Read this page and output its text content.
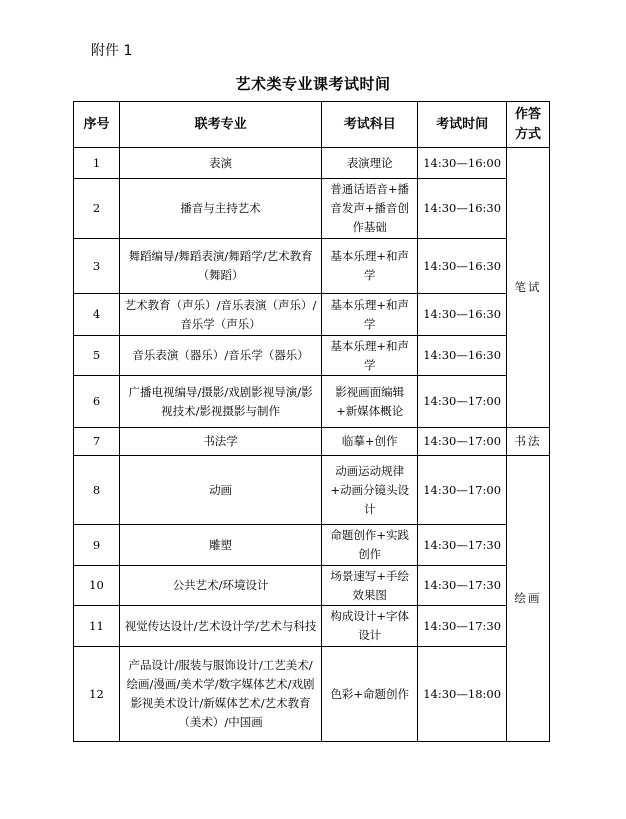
附件 1
艺术类专业课考试时间
序号	联考专业	考试科目	考试时间	作答方式
1	表演	表演理论	14:30—16:00	笔试
2	播音与主持艺术	普通话语音+播音发声+播音创作基础	14:30—16:30	
3	舞蹈编导/舞蹈表演/舞蹈学/艺术教育（舞蹈）	基本乐理+和声学	14:30—16:30	
4	艺术教育（声乐）/音乐表演（声乐）/音乐学（声乐）	基本乐理+和声学	14:30—16:30	
5	音乐表演（器乐）/音乐学（器乐）	基本乐理+和声学	14:30—16:30	
6	广播电视编导/摄影/戏剧影视导演/影视技术/影视摄影与制作	影视画面编辑+新媒体概论	14:30—17:00	
7	书法学	临摹+创作	14:30—17:00	书法
8	动画	动画运动规律+动画分镜头设计	14:30—17:00	绘画
9	雕塑	命题创作+实践创作	14:30—17:30	
10	公共艺术/环境设计	场景速写+手绘效果图	14:30—17:30	
11	视觉传达设计/艺术设计学/艺术与科技	构成设计+字体设计	14:30—17:30	
12	产品设计/服装与服饰设计/工艺美术/绘画/漫画/美术学/数字媒体艺术/戏剧影视美术设计/新媒体艺术/艺术教育（美术）/中国画	色彩+命题创作	14:30—18:00	
